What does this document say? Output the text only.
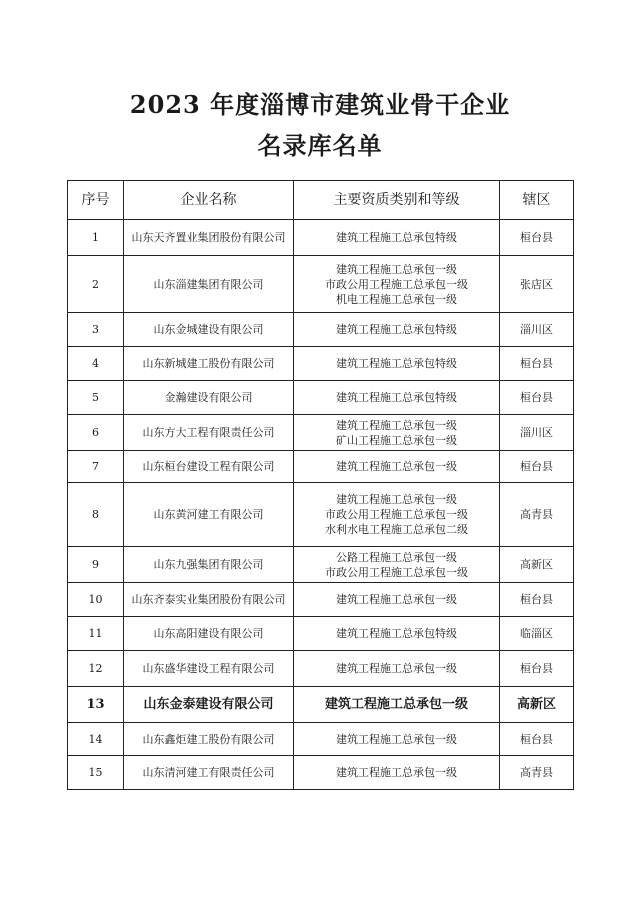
2023 年度淄博市建筑业骨干企业
名录库名单
序号	企业名称	主要资质类别和等级	辖区
1	山东天齐置业集团股份有限公司	建筑工程施工总承包特级	桓台县
2	山东淄建集团有限公司	建筑工程施工总承包一级
市政公用工程施工总承包一级
机电工程施工总承包一级	张店区
3	山东金城建设有限公司	建筑工程施工总承包特级	淄川区
4	山东新城建工股份有限公司	建筑工程施工总承包特级	桓台县
5	金瀚建设有限公司	建筑工程施工总承包特级	桓台县
6	山东方大工程有限责任公司	建筑工程施工总承包一级
矿山工程施工总承包一级	淄川区
7	山东桓台建设工程有限公司	建筑工程施工总承包一级	桓台县
8	山东黄河建工有限公司	建筑工程施工总承包一级
市政公用工程施工总承包一级
水利水电工程施工总承包二级	高青县
9	山东九强集团有限公司	公路工程施工总承包一级
市政公用工程施工总承包一级	高新区
10	山东齐泰实业集团股份有限公司	建筑工程施工总承包一级	桓台县
11	山东高阳建设有限公司	建筑工程施工总承包特级	临淄区
12	山东盛华建设工程有限公司	建筑工程施工总承包一级	桓台县
13	山东金泰建设有限公司	建筑工程施工总承包一级	高新区
14	山东鑫炬建工股份有限公司	建筑工程施工总承包一级	桓台县
15	山东清河建工有限责任公司	建筑工程施工总承包一级	高青县
